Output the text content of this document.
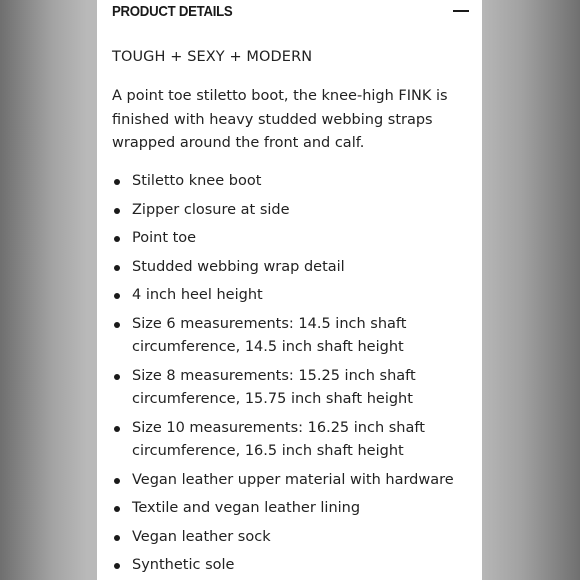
PRODUCT DETAILS

TOUGH + SEXY + MODERN

A point toe stiletto boot, the knee-high FINK is finished with heavy studded webbing straps wrapped around the front and calf.

Stiletto knee boot
Zipper closure at side
Point toe
Studded webbing wrap detail
4 inch heel height
Size 6 measurements: 14.5 inch shaft circumference, 14.5 inch shaft height
Size 8 measurements: 15.25 inch shaft circumference, 15.75 inch shaft height
Size 10 measurements: 16.25 inch shaft circumference, 16.5 inch shaft height
Vegan leather upper material with hardware
Textile and vegan leather lining
Vegan leather sock
Synthetic sole
